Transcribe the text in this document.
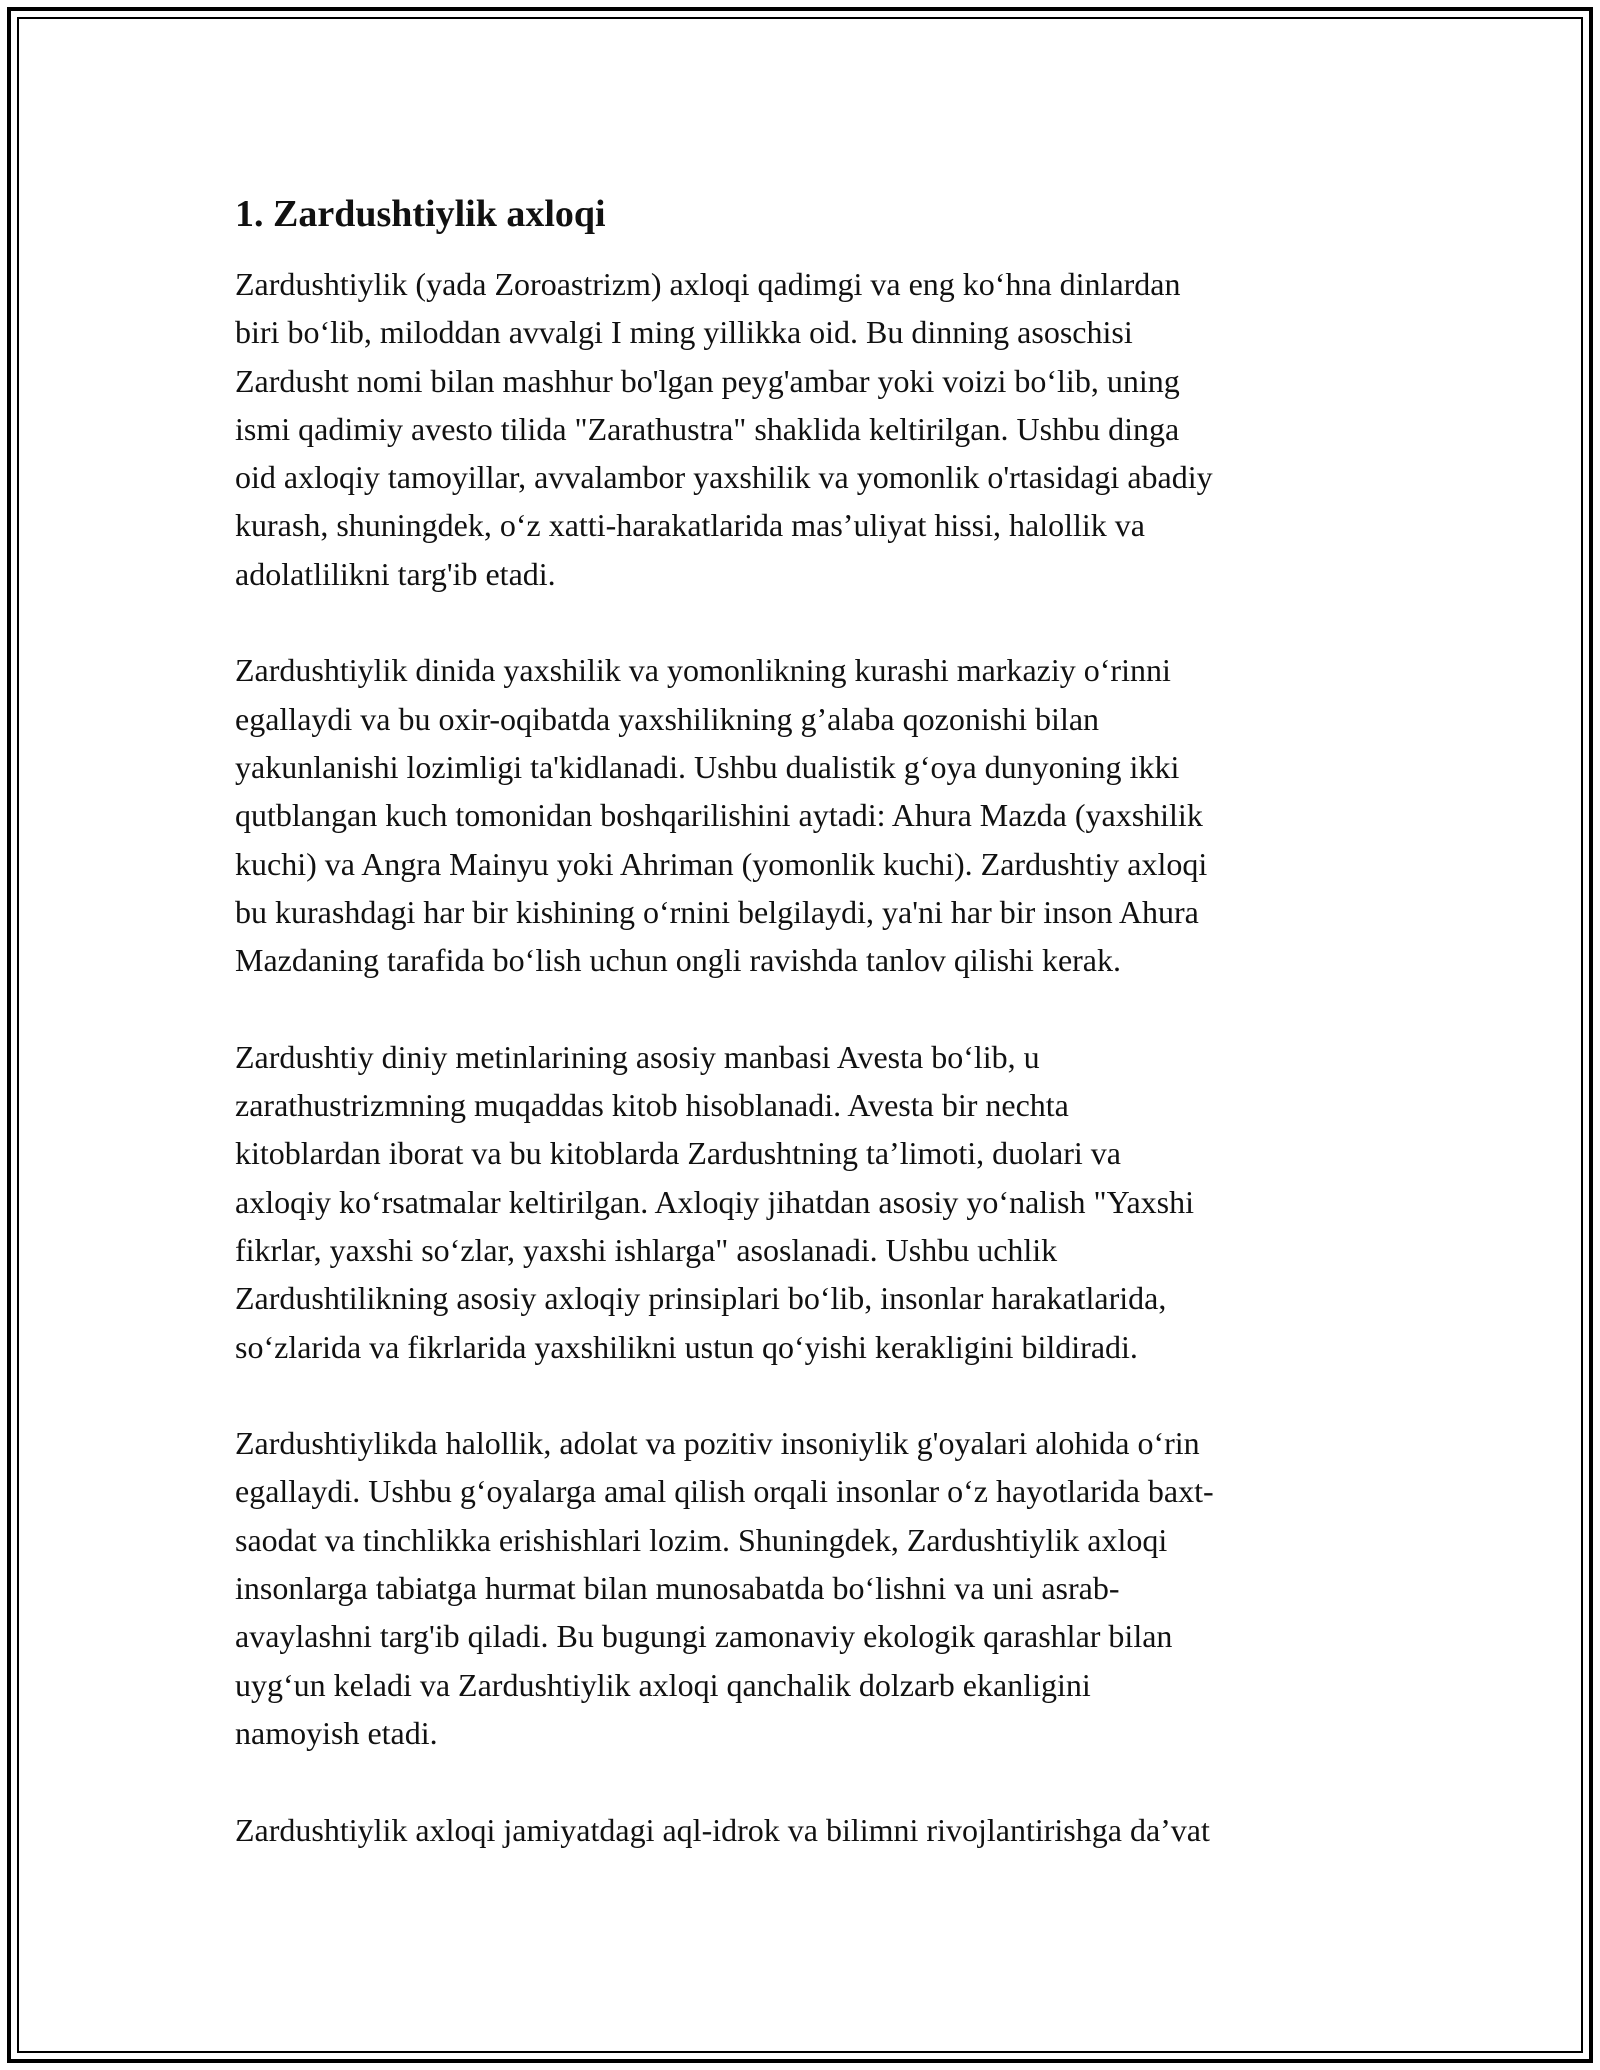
1. Zardushtiylik axloqi
Zardushtiylik (yada Zoroastrizm) axloqi qadimgi va eng ko‘hna dinlardan
biri bo‘lib, miloddan avvalgi I ming yillikka oid. Bu dinning asoschisi
Zardusht nomi bilan mashhur bo'lgan peyg'ambar yoki voizi bo‘lib, uning
ismi qadimiy avesto tilida "Zarathustra" shaklida keltirilgan. Ushbu dinga
oid axloqiy tamoyillar, avvalambor yaxshilik va yomonlik o'rtasidagi abadiy
kurash, shuningdek, o‘z xatti-harakatlarida mas’uliyat hissi, halollik va
adolatlilikni targ'ib etadi.
Zardushtiylik dinida yaxshilik va yomonlikning kurashi markaziy o‘rinni
egallaydi va bu oxir-oqibatda yaxshilikning g’alaba qozonishi bilan
yakunlanishi lozimligi ta'kidlanadi. Ushbu dualistik g‘oya dunyoning ikki
qutblangan kuch tomonidan boshqarilishini aytadi: Ahura Mazda (yaxshilik
kuchi) va Angra Mainyu yoki Ahriman (yomonlik kuchi). Zardushtiy axloqi
bu kurashdagi har bir kishining o‘rnini belgilaydi, ya'ni har bir inson Ahura
Mazdaning tarafida bo‘lish uchun ongli ravishda tanlov qilishi kerak.
Zardushtiy diniy metinlarining asosiy manbasi Avesta bo‘lib, u
zarathustrizmning muqaddas kitob hisoblanadi. Avesta bir nechta
kitoblardan iborat va bu kitoblarda Zardushtning ta’limoti, duolari va
axloqiy ko‘rsatmalar keltirilgan. Axloqiy jihatdan asosiy yo‘nalish "Yaxshi
fikrlar, yaxshi so‘zlar, yaxshi ishlarga" asoslanadi. Ushbu uchlik
Zardushtilikning asosiy axloqiy prinsiplari bo‘lib, insonlar harakatlarida,
so‘zlarida va fikrlarida yaxshilikni ustun qo‘yishi kerakligini bildiradi.
Zardushtiylikda halollik, adolat va pozitiv insoniylik g'oyalari alohida o‘rin
egallaydi. Ushbu g‘oyalarga amal qilish orqali insonlar o‘z hayotlarida baxt-
saodat va tinchlikka erishishlari lozim. Shuningdek, Zardushtiylik axloqi
insonlarga tabiatga hurmat bilan munosabatda bo‘lishni va uni asrab-
avaylashni targ'ib qiladi. Bu bugungi zamonaviy ekologik qarashlar bilan
uyg‘un keladi va Zardushtiylik axloqi qanchalik dolzarb ekanligini
namoyish etadi.
Zardushtiylik axloqi jamiyatdagi aql-idrok va bilimni rivojlantirishga da’vat
